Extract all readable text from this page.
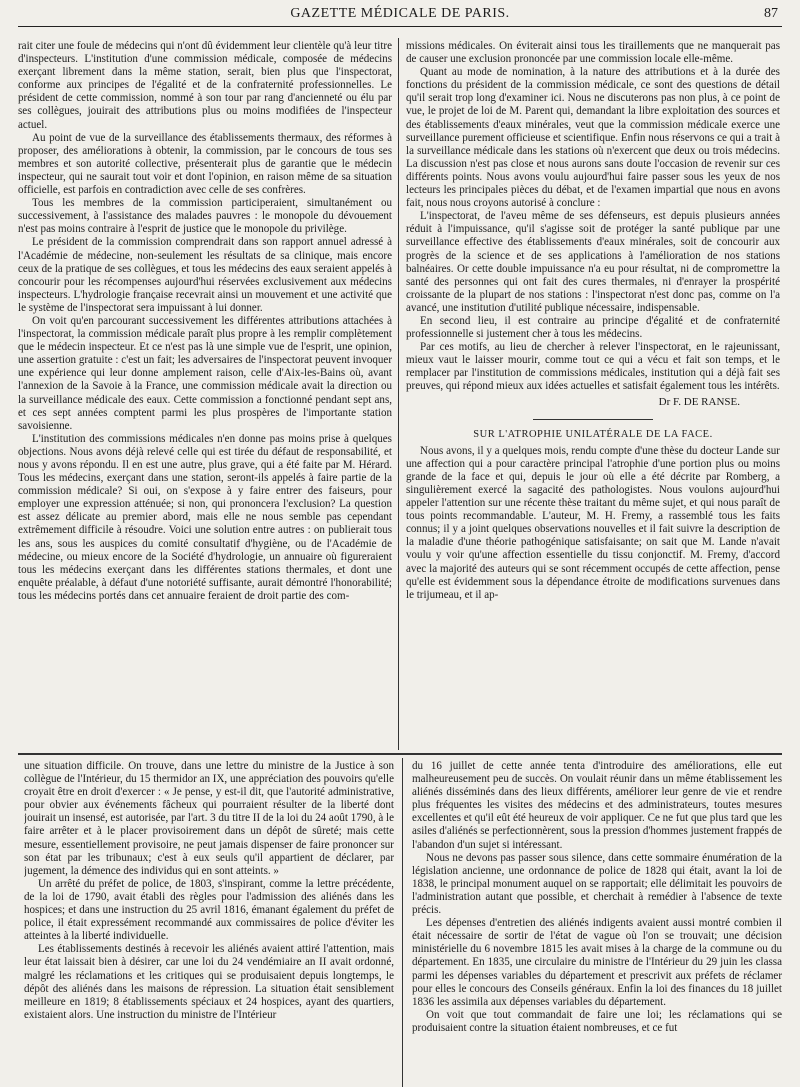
GAZETTE MÉDICALE DE PARIS.	87

rait citer une foule de médecins qui n'ont dû évidemment leur clientèle qu'à leur titre d'inspecteurs. L'institution d'une commission médicale, composée de médecins exerçant librement dans la même station, serait, bien plus que l'inspectorat, conforme aux principes de l'égalité et de la confraternité professionnelles. Le président de cette commission, nommé à son tour par rang d'ancienneté ou élu par ses collègues, jouirait des attributions plus ou moins modifiées de l'inspecteur actuel.

Au point de vue de la surveillance des établissements thermaux, des réformes à proposer, des améliorations à obtenir, la commission, par le concours de tous ses membres et son autorité collective, présenterait plus de garantie que le médecin inspecteur, qui ne saurait tout voir et dont l'opinion, en raison même de sa situation officielle, est parfois en contradiction avec celle de ses confrères.

Tous les membres de la commission participeraient, simultanément ou successivement, à l'assistance des malades pauvres : le monopole du dévouement n'est pas moins contraire à l'esprit de justice que le monopole du privilège.

Le président de la commission comprendrait dans son rapport annuel adressé à l'Académie de médecine, non-seulement les résultats de sa clinique, mais encore ceux de la pratique de ses collègues, et tous les médecins des eaux seraient appelés à concourir pour les récompenses aujourd'hui réservées exclusivement aux médecins inspecteurs. L'hydrologie française recevrait ainsi un mouvement et une activité que le système de l'inspectorat sera impuissant à lui donner.

On voit qu'en parcourant successivement les différentes attributions attachées à l'inspectorat, la commission médicale paraît plus propre à les remplir complètement que le médecin inspecteur. Et ce n'est pas là une simple vue de l'esprit, une opinion, une assertion gratuite : c'est un fait; les adversaires de l'inspectorat peuvent invoquer une expérience qui leur donne amplement raison, celle d'Aix-les-Bains où, avant l'annexion de la Savoie à la France, une commission médicale avait la direction ou la surveillance médicale des eaux. Cette commission a fonctionné pendant sept ans, et ces sept années comptent parmi les plus prospères de l'importante station savoisienne.

L'institution des commissions médicales n'en donne pas moins prise à quelques objections. Nous avons déjà relevé celle qui est tirée du défaut de responsabilité, et nous y avons répondu. Il en est une autre, plus grave, qui a été faite par M. Hérard. Tous les médecins, exerçant dans une station, seront-ils appelés à faire partie de la commission médicale? Si oui, on s'expose à y faire entrer des faiseurs, pour employer une expression atténuée; si non, qui prononcera l'exclusion? La question est assez délicate au premier abord, mais elle ne nous semble pas cependant extrêmement difficile à résoudre. Voici une solution entre autres : on publierait tous les ans, sous les auspices du comité consultatif d'hygiène, ou de l'Académie de médecine, ou mieux encore de la Société d'hydrologie, un annuaire où figureraient tous les médecins exerçant dans les différentes stations thermales, et dont une enquête préalable, à défaut d'une notoriété suffisante, aurait démontré l'honorabilité; tous les médecins portés dans cet annuaire feraient de droit partie des com-

missions médicales. On éviterait ainsi tous les tiraillements que ne manquerait pas de causer une exclusion prononcée par une commission locale elle-même.

Quant au mode de nomination, à la nature des attributions et à la durée des fonctions du président de la commission médicale, ce sont des questions de détail qu'il serait trop long d'examiner ici. Nous ne discuterons pas non plus, à ce point de vue, le projet de loi de M. Parent qui, demandant la libre exploitation des sources et des établissements d'eaux minérales, veut que la commission médicale exerce une surveillance purement officieuse et scientifique. Enfin nous réservons ce qui a trait à la surveillance médicale dans les stations où n'exercent que deux ou trois médecins. La discussion n'est pas close et nous aurons sans doute l'occasion de revenir sur ces différents points. Nous avons voulu aujourd'hui faire passer sous les yeux de nos lecteurs les principales pièces du débat, et de l'examen impartial que nous en avons fait, nous nous croyons autorisé à conclure :

L'inspectorat, de l'aveu même de ses défenseurs, est depuis plusieurs années réduit à l'impuissance, qu'il s'agisse soit de protéger la santé publique par une surveillance effective des établissements d'eaux minérales, soit de concourir aux progrès de la science et de ses applications à l'amélioration de nos stations balnéaires. Or cette double impuissance n'a eu pour résultat, ni de compromettre la santé des personnes qui ont fait des cures thermales, ni d'enrayer la prospérité croissante de la plupart de nos stations : l'inspectorat n'est donc pas, comme on l'a avancé, une institution d'utilité publique nécessaire, indispensable.

En second lieu, il est contraire au principe d'égalité et de confraternité professionnelle si justement cher à tous les médecins.

Par ces motifs, au lieu de chercher à relever l'inspectorat, en le rajeunissant, mieux vaut le laisser mourir, comme tout ce qui a vécu et fait son temps, et le remplacer par l'institution de commissions médicales, institution qui a déjà fait ses preuves, qui répond mieux aux idées actuelles et satisfait également tous les intérêts.

Dr F. DE RANSE.

SUR L'ATROPHIE UNILATÉRALE DE LA FACE.

Nous avons, il y a quelques mois, rendu compte d'une thèse du docteur Lande sur une affection qui a pour caractère principal l'atrophie d'une portion plus ou moins grande de la face et qui, depuis le jour où elle a été décrite par Romberg, a singulièrement exercé la sagacité des pathologistes. Nous voulons aujourd'hui appeler l'attention sur une récente thèse traitant du même sujet, et qui nous paraît de tous points recommandable. L'auteur, M. H. Fremy, a rassemblé tous les faits connus; il y a joint quelques observations nouvelles et il fait suivre la description de la maladie d'une théorie pathogénique satisfaisante; on sait que M. Lande n'avait voulu y voir qu'une affection essentielle du tissu conjonctif. M. Fremy, d'accord avec la majorité des auteurs qui se sont récemment occupés de cette affection, pense qu'elle est évidemment sous la dépendance étroite de modifications survenues dans le trijumeau, et il ap-

une situation difficile. On trouve, dans une lettre du ministre de la Justice à son collègue de l'Intérieur, du 15 thermidor an IX, une appréciation des pouvoirs qu'elle croyait être en droit d'exercer : « Je pense, y est-il dit, que l'autorité administrative, pour obvier aux événements fâcheux qui pourraient résulter de la liberté dont jouirait un insensé, est autorisée, par l'art. 3 du titre II de la loi du 24 août 1790, à le faire arrêter et à le placer provisoirement dans un dépôt de sûreté; mais cette mesure, essentiellement provisoire, ne peut jamais dispenser de faire prononcer sur son état par les tribunaux; c'est à eux seuls qu'il appartient de déclarer, par jugement, la démence des individus qui en sont atteints. »

Un arrêté du préfet de police, de 1803, s'inspirant, comme la lettre précédente, de la loi de 1790, avait établi des règles pour l'admission des aliénés dans les hospices; et dans une instruction du 25 avril 1816, émanant également du préfet de police, il était expressément recommandé aux commissaires de police d'éviter les atteintes à la liberté individuelle.

Les établissements destinés à recevoir les aliénés avaient attiré l'attention, mais leur état laissait bien à désirer, car une loi du 24 vendémiaire an II avait ordonné, malgré les réclamations et les critiques qui se produisaient depuis longtemps, le dépôt des aliénés dans les maisons de répression. La situation était sensiblement meilleure en 1819; 8 établissements spéciaux et 24 hospices, ayant des quartiers, existaient alors. Une instruction du ministre de l'Intérieur

du 16 juillet de cette année tenta d'introduire des améliorations, elle eut malheureusement peu de succès. On voulait réunir dans un même établissement les aliénés disséminés dans des lieux différents, améliorer leur genre de vie et rendre plus fréquentes les visites des médecins et des administrateurs, toutes mesures excellentes et qu'il eût été heureux de voir appliquer. Ce ne fut que plus tard que les asiles d'aliénés se perfectionnèrent, sous la pression d'hommes justement frappés de l'abandon d'un sujet si intéressant.

Nous ne devons pas passer sous silence, dans cette sommaire énumération de la législation ancienne, une ordonnance de police de 1828 qui était, avant la loi de 1838, le principal monument auquel on se rapportait; elle délimitait les pouvoirs de l'administration autant que possible, et cherchait à remédier à l'absence de texte précis.

Les dépenses d'entretien des aliénés indigents avaient aussi montré combien il était nécessaire de sortir de l'état de vague où l'on se trouvait; une décision ministérielle du 6 novembre 1815 les avait mises à la charge de la commune ou du département. En 1835, une circulaire du ministre de l'Intérieur du 29 juin les classa parmi les dépenses variables du département et prescrivit aux préfets de réclamer pour elles le concours des Conseils généraux. Enfin la loi des finances du 18 juillet 1836 les assimila aux dépenses variables du département.

On voit que tout commandait de faire une loi; les réclamations qui se produisaient contre la situation étaient nombreuses, et ce fut
